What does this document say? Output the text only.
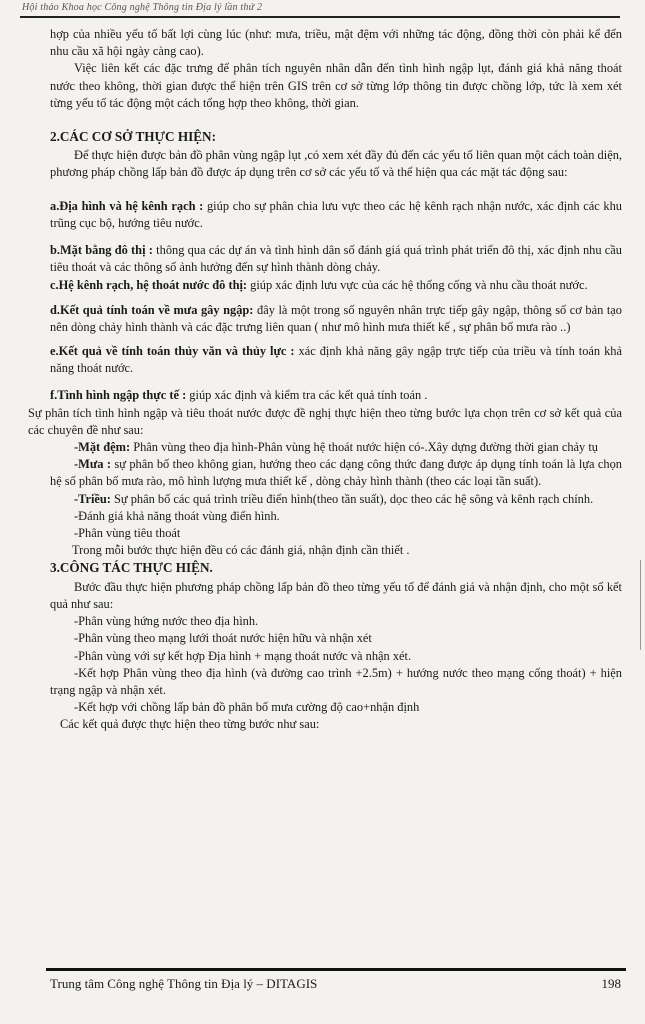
Hội thảo Khoa học Công nghệ Thông tin Địa lý lần thứ 2

hợp của nhiều yếu tố bất lợi cùng lúc (như: mưa, triều, mật đệm với những tác động, đồng thời còn phải kể đến nhu cầu xã hội ngày càng cao).

Việc liên kết các đặc trưng để phân tích nguyên nhân dẫn đến tình hình ngập lụt, đánh giá khả năng thoát nước theo không, thời gian được thể hiện trên GIS trên cơ sở từng lớp thông tin được chồng lớp, tức là xem xét từng yếu tố tác động một cách tổng hợp theo không, thời gian.

2.CÁC CƠ SỞ THỰC HIỆN:

Để thực hiện được bản đồ phân vùng ngập lụt ,có xem xét đầy đủ đến các yếu tố liên quan một cách toàn diện, phương pháp chồng lấp bản đồ được áp dụng trên cơ sở các yếu tố và thể hiện qua các mặt tác động sau:

a.Địa hình và hệ kênh rạch : giúp cho sự phân chia lưu vực theo các hệ kênh rạch nhận nước, xác định các khu trũng cục bộ, hướng tiêu nước.

b.Mặt bằng đô thị : thông qua các dự án và tình hình dân số đánh giá quá trình phát triển đô thị, xác định nhu cầu tiêu thoát và các thông số ảnh hưởng đến sự hình thành dòng chảy.

c.Hệ kênh rạch, hệ thoát nước đô thị: giúp xác định lưu vực của các hệ thống cống và nhu cầu thoát nước.

d.Kết quả tính toán về mưa gây ngập: đây là một trong số nguyên nhân trực tiếp gây ngập, thông số cơ bản tạo nên dòng chảy hình thành và các đặc trưng liên quan ( như mô hình mưa thiết kế , sự phân bố mưa rào ..)

e.Kết quả về tính toán thủy văn và thủy lực : xác định khả năng gây ngập trực tiếp của triều và tính toán khả năng thoát nước.

f.Tình hình ngập thực tế : giúp xác định và kiểm tra các kết quả tính toán .

Sự phân tích tình hình ngập và tiêu thoát nước được đề nghị thực hiện theo từng bước lựa chọn trên cơ sở kết quả của các chuyên đề như sau:

-Mặt đệm: Phân vùng theo địa hình-Phân vùng hệ thoát nước hiện có-.Xây dựng đường thời gian chảy tụ

-Mưa : sự phân bố theo không gian, hướng theo các dạng công thức đang được áp dụng tính toán là lựa chọn hệ số phân bố mưa rào, mô hình lượng mưa thiết kế , dòng chảy hình thành (theo các loại tần suất).

-Triều: Sự phân bố các quá trình triều điển hình(theo tần suất), dọc theo các hệ sông và kênh rạch chính.

-Đánh giá khả năng thoát vùng điển hình.

-Phân vùng tiêu thoát

Trong mỗi bước thực hiện đều có các đánh giá, nhận định cần thiết .

3.CÔNG TÁC THỰC HIỆN.

Bước đầu thực hiện phương pháp chồng lấp bản đồ theo từng yếu tố để đánh giá và nhận định, cho một số kết quả như sau:

-Phân vùng hứng nước theo địa hình.

-Phân vùng theo mạng lưới thoát nước hiện hữu và nhận xét

-Phân vùng với sự kết hợp Địa hình + mạng thoát nước và nhận xét.

-Kết hợp Phân vùng theo địa hình (và đường cao trình +2.5m) + hướng nước theo mạng cống thoát) + hiện trạng ngập và nhận xét.

-Kết hợp với chồng lấp bản đồ phân bố mưa cường độ cao+nhận định

Các kết quả được thực hiện theo từng bước như sau:

Trung tâm Công nghệ Thông tin Địa lý – DITAGIS	198
